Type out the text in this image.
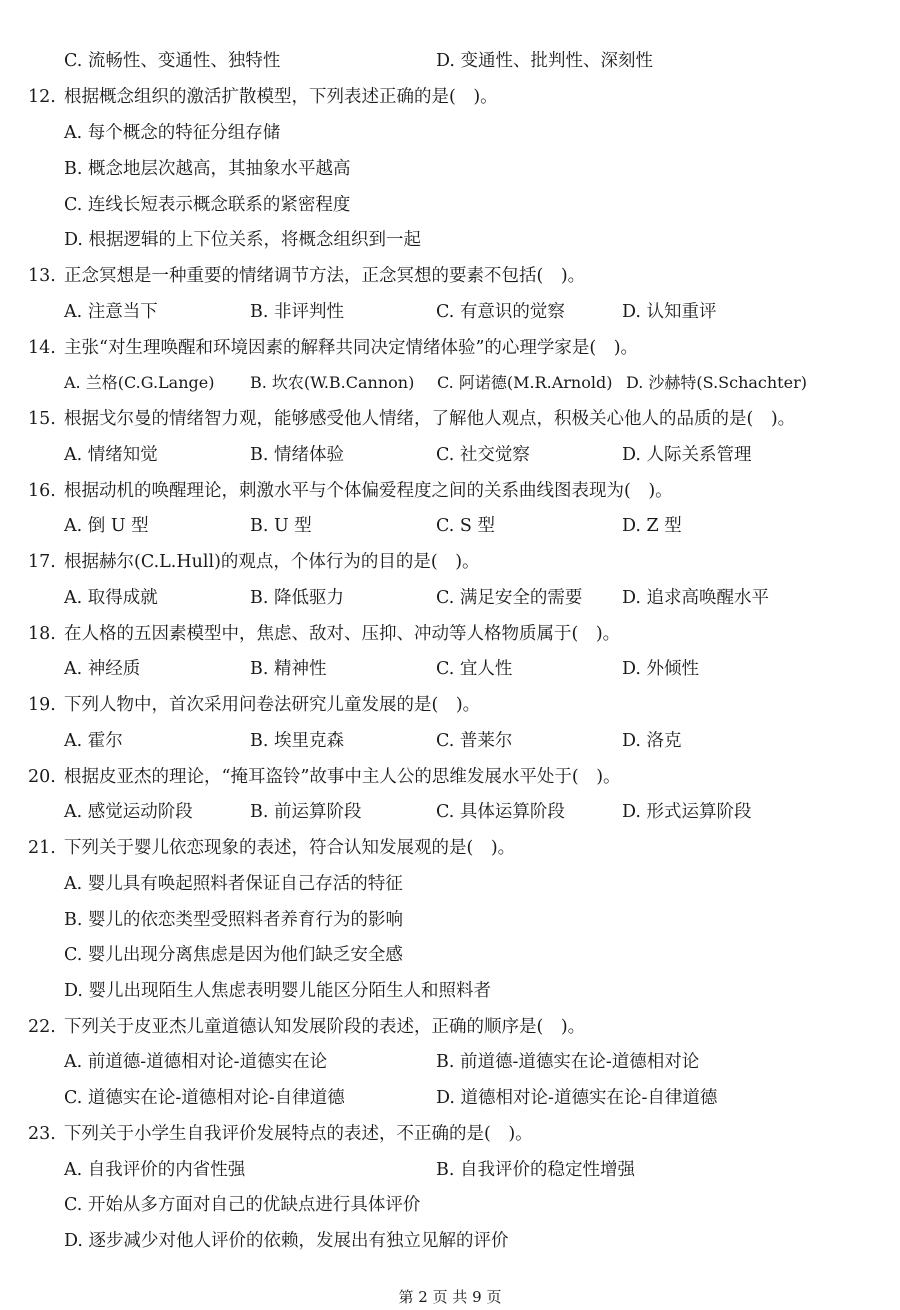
C. 流畅性、变通性、独特性	D. 变通性、批判性、深刻性
12. 根据概念组织的激活扩散模型，下列表述正确的是(　)。
A. 每个概念的特征分组存储
B. 概念地层次越高，其抽象水平越高
C. 连线长短表示概念联系的紧密程度
D. 根据逻辑的上下位关系，将概念组织到一起
13. 正念冥想是一种重要的情绪调节方法，正念冥想的要素不包括(　)。
A. 注意当下	B. 非评判性	C. 有意识的觉察	D. 认知重评
14. 主张“对生理唤醒和环境因素的解释共同决定情绪体验”的心理学家是(　)。
A. 兰格(C.G.Lange) B. 坎农(W.B.Cannon) C. 阿诺德(M.R.Arnold) D. 沙赫特(S.Schachter)
15. 根据戈尔曼的情绪智力观，能够感受他人情绪，了解他人观点，积极关心他人的品质的是(　)。
A. 情绪知觉	B. 情绪体验	C. 社交觉察	D. 人际关系管理
16. 根据动机的唤醒理论，刺激水平与个体偏爱程度之间的关系曲线图表现为(　)。
A. 倒 U 型	B. U 型	C. S 型	D. Z 型
17. 根据赫尔(C.L.Hull)的观点，个体行为的目的是(　)。
A. 取得成就	B. 降低驱力	C. 满足安全的需要 D. 追求高唤醒水平
18. 在人格的五因素模型中，焦虑、敌对、压抑、冲动等人格物质属于(　)。
A. 神经质	B. 精神性	C. 宜人性	D. 外倾性
19. 下列人物中，首次采用问卷法研究儿童发展的是(　)。
A. 霍尔	B. 埃里克森	C. 普莱尔	D. 洛克
20. 根据皮亚杰的理论，“掩耳盗铃”故事中主人公的思维发展水平处于(　)。
A. 感觉运动阶段	B. 前运算阶段	C. 具体运算阶段	D. 形式运算阶段
21. 下列关于婴儿依恋现象的表述，符合认知发展观的是(　)。
A. 婴儿具有唤起照料者保证自己存活的特征
B. 婴儿的依恋类型受照料者养育行为的影响
C. 婴儿出现分离焦虑是因为他们缺乏安全感
D. 婴儿出现陌生人焦虑表明婴儿能区分陌生人和照料者
22. 下列关于皮亚杰儿童道德认知发展阶段的表述，正确的顺序是(　)。
A. 前道德-道德相对论-道德实在论	B. 前道德-道德实在论-道德相对论
C. 道德实在论-道德相对论-自律道德	D. 道德相对论-道德实在论-自律道德
23. 下列关于小学生自我评价发展特点的表述，不正确的是(　)。
A. 自我评价的内省性强	B. 自我评价的稳定性增强
C. 开始从多方面对自己的优缺点进行具体评价
D. 逐步减少对他人评价的依赖，发展出有独立见解的评价
第 2 页 共 9 页
